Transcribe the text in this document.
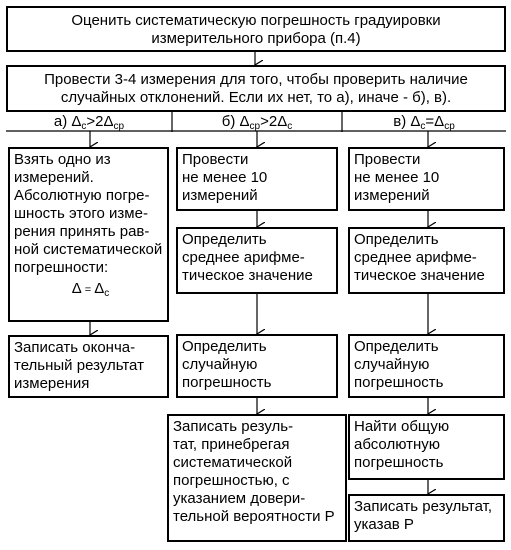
Оценить систематическую погрешность градуировки
измерительного прибора (п.4)
Провести 3-4 измерения для того, чтобы проверить наличие
случайных отклонений. Если их нет, то а), иначе - б), в).
а) $\Delta_с>2\Delta_{ср}$	б) $\Delta_{ср}>2\Delta_с$	в) $\Delta_с=\Delta_{ср}$
Взять одно из
измерений.
Абсолютную погре-
шность этого изме-
рения принять рав-
ной систематической
погрешности:
$\Delta = \Delta_с$
Записать оконча-
тельный результат
измерения
Провести
не менее 10
измерений
Определить
среднее арифме-
тическое значение
Определить
случайную
погрешность
Записать резуль-
тат, принебрегая
систематической
погрешностью, с
указанием довери-
тельной вероятности Р
Провести
не менее 10
измерений
Определить
среднее арифме-
тическое значение
Определить
случайную
погрешность
Найти общую
абсолютную
погрешность
Записать результат,
указав Р
